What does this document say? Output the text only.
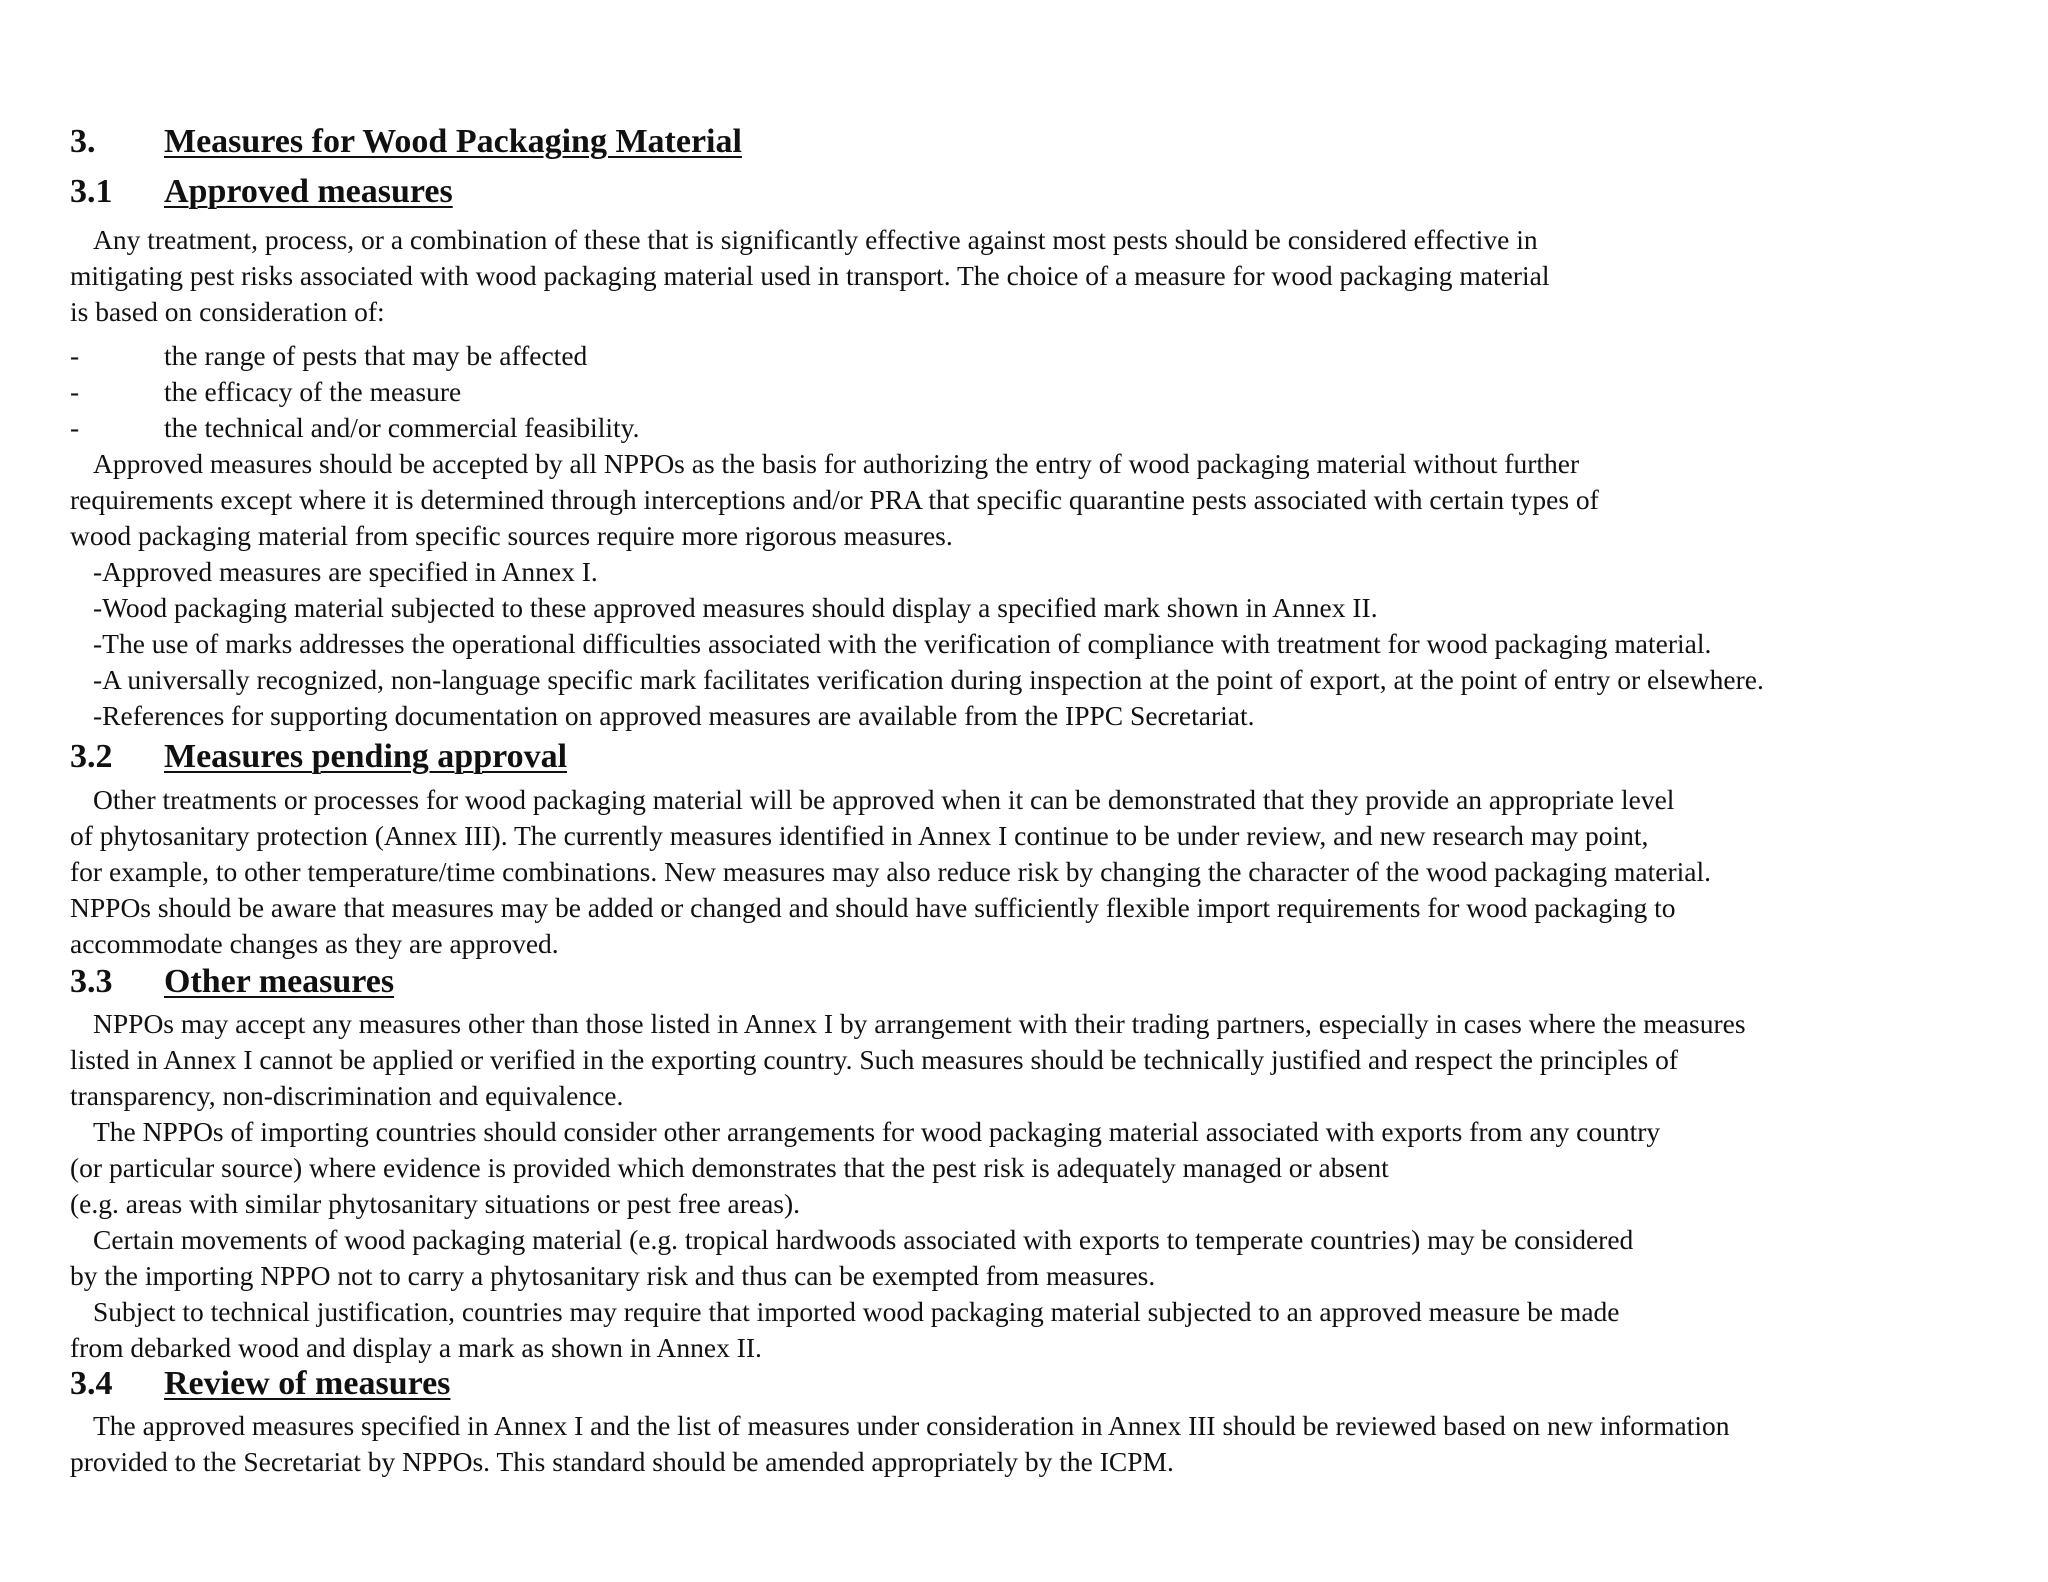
3. Measures for Wood Packaging Material
3.1 Approved measures
Any treatment, process, or a combination of these that is significantly effective against most pests should be considered effective in
mitigating pest risks associated with wood packaging material used in transport. The choice of a measure for wood packaging material
is based on consideration of:
-	the range of pests that may be affected
-	the efficacy of the measure
-	the technical and/or commercial feasibility.
Approved measures should be accepted by all NPPOs as the basis for authorizing the entry of wood packaging material without further
requirements except where it is determined through interceptions and/or PRA that specific quarantine pests associated with certain types of
wood packaging material from specific sources require more rigorous measures.
-Approved measures are specified in Annex I.
-Wood packaging material subjected to these approved measures should display a specified mark shown in Annex II.
-The use of marks addresses the operational difficulties associated with the verification of compliance with treatment for wood packaging material.
-A universally recognized, non-language specific mark facilitates verification during inspection at the point of export, at the point of entry or elsewhere.
-References for supporting documentation on approved measures are available from the IPPC Secretariat.
3.2 Measures pending approval
Other treatments or processes for wood packaging material will be approved when it can be demonstrated that they provide an appropriate level
of phytosanitary protection (Annex III). The currently measures identified in Annex I continue to be under review, and new research may point,
for example, to other temperature/time combinations. New measures may also reduce risk by changing the character of the wood packaging material.
NPPOs should be aware that measures may be added or changed and should have sufficiently flexible import requirements for wood packaging to
accommodate changes as they are approved.
3.3 Other measures
NPPOs may accept any measures other than those listed in Annex I by arrangement with their trading partners, especially in cases where the measures
listed in Annex I cannot be applied or verified in the exporting country. Such measures should be technically justified and respect the principles of
transparency, non-discrimination and equivalence.
The NPPOs of importing countries should consider other arrangements for wood packaging material associated with exports from any country
(or particular source) where evidence is provided which demonstrates that the pest risk is adequately managed or absent
(e.g. areas with similar phytosanitary situations or pest free areas).
Certain movements of wood packaging material (e.g. tropical hardwoods associated with exports to temperate countries) may be considered
by the importing NPPO not to carry a phytosanitary risk and thus can be exempted from measures.
Subject to technical justification, countries may require that imported wood packaging material subjected to an approved measure be made
from debarked wood and display a mark as shown in Annex II.
3.4 Review of measures
The approved measures specified in Annex I and the list of measures under consideration in Annex III should be reviewed based on new information
provided to the Secretariat by NPPOs. This standard should be amended appropriately by the ICPM.
